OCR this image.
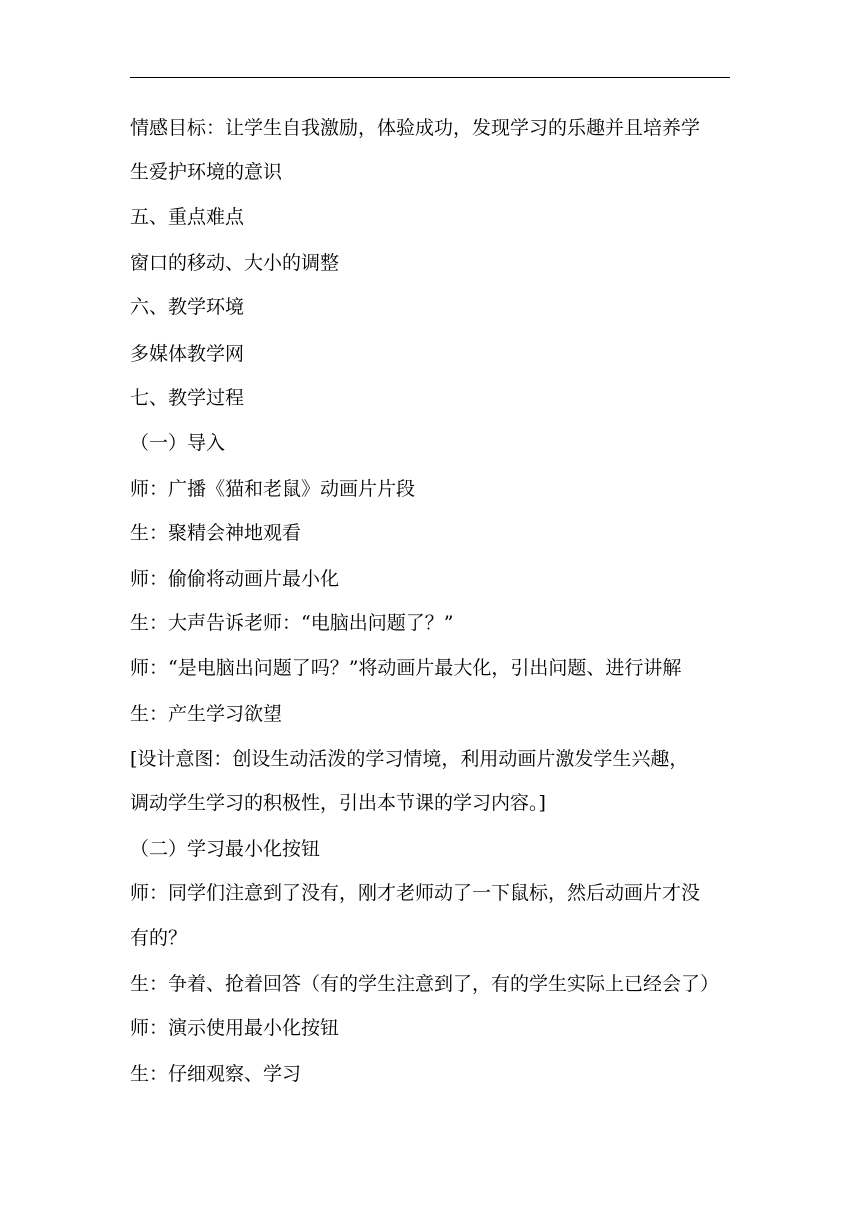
情感目标：让学生自我激励，体验成功，发现学习的乐趣并且培养学
生爱护环境的意识
五、重点难点
窗口的移动、大小的调整
六、教学环境
多媒体教学网
七、教学过程
（一）导入
师：广播《猫和老鼠》动画片片段
生：聚精会神地观看
师：偷偷将动画片最小化
生：大声告诉老师：“电脑出问题了？”
师：“是电脑出问题了吗？”将动画片最大化，引出问题、进行讲解
生：产生学习欲望
[设计意图：创设生动活泼的学习情境，利用动画片激发学生兴趣，
调动学生学习的积极性，引出本节课的学习内容。]
（二）学习最小化按钮
师：同学们注意到了没有，刚才老师动了一下鼠标，然后动画片才没
有的？
生：争着、抢着回答（有的学生注意到了，有的学生实际上已经会了）
师：演示使用最小化按钮
生：仔细观察、学习
